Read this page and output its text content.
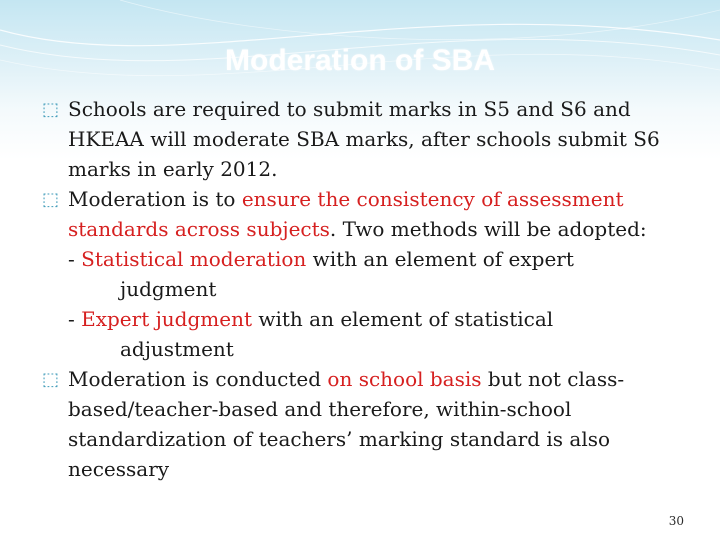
Moderation of SBA

⬚ Schools are required to submit marks in S5 and S6 and HKEAA will moderate SBA marks, after schools submit S6 marks in early 2012.

⬚ Moderation is to ensure the consistency of assessment standards across subjects. Two methods will be adopted:

- Statistical moderation with an element of expert
judgment

- Expert judgment with an element of statistical
adjustment

⬚ Moderation is conducted on school basis but not class-based/teacher-based and therefore, within-school standardization of teachers’ marking standard is also necessary

30
